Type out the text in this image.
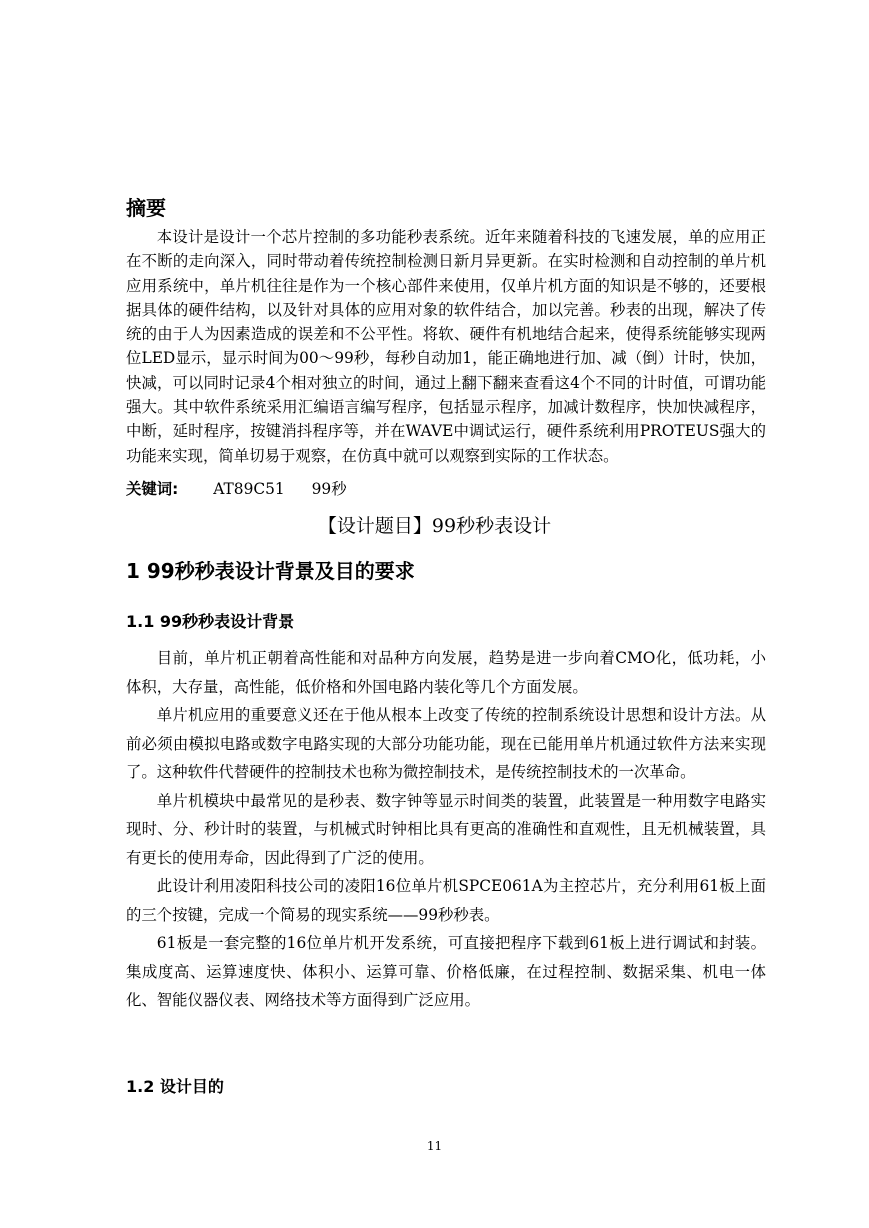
摘要

本设计是设计一个芯片控制的多功能秒表系统。近年来随着科技的飞速发展，单的应用正在不断的走向深入，同时带动着传统控制检测日新月异更新。在实时检测和自动控制的单片机应用系统中，单片机往往是作为一个核心部件来使用，仅单片机方面的知识是不够的，还要根据具体的硬件结构，以及针对具体的应用对象的软件结合，加以完善。秒表的出现，解决了传统的由于人为因素造成的误差和不公平性。将软、硬件有机地结合起来，使得系统能够实现两位LED显示，显示时间为00～99秒，每秒自动加1，能正确地进行加、减（倒）计时，快加，快减，可以同时记录4个相对独立的时间，通过上翻下翻来查看这4个不同的计时值，可谓功能强大。其中软件系统采用汇编语言编写程序，包括显示程序，加减计数程序，快加快减程序，中断，延时程序，按键消抖程序等，并在WAVE中调试运行，硬件系统利用PROTEUS强大的功能来实现，简单切易于观察，在仿真中就可以观察到实际的工作状态。

关键词: AT89C51 99秒
【设计题目】99秒秒表设计
1 99秒秒表设计背景及目的要求
1.1 99秒秒表设计背景

目前，单片机正朝着高性能和对品种方向发展，趋势是进一步向着CMO化，低功耗，小体积，大存量，高性能，低价格和外国电路内装化等几个方面发展。

单片机应用的重要意义还在于他从根本上改变了传统的控制系统设计思想和设计方法。从前必须由模拟电路或数字电路实现的大部分功能功能，现在已能用单片机通过软件方法来实现了。这种软件代替硬件的控制技术也称为微控制技术，是传统控制技术的一次革命。

单片机模块中最常见的是秒表、数字钟等显示时间类的装置，此装置是一种用数字电路实现时、分、秒计时的装置，与机械式时钟相比具有更高的准确性和直观性，且无机械装置，具有更长的使用寿命，因此得到了广泛的使用。

此设计利用凌阳科技公司的凌阳16位单片机SPCE061A为主控芯片，充分利用61板上面的三个按键，完成一个简易的现实系统——99秒秒表。

61板是一套完整的16位单片机开发系统，可直接把程序下载到61板上进行调试和封装。集成度高、运算速度快、体积小、运算可靠、价格低廉，在过程控制、数据采集、机电一体化、智能仪器仪表、网络技术等方面得到广泛应用。

1.2 设计目的
11
